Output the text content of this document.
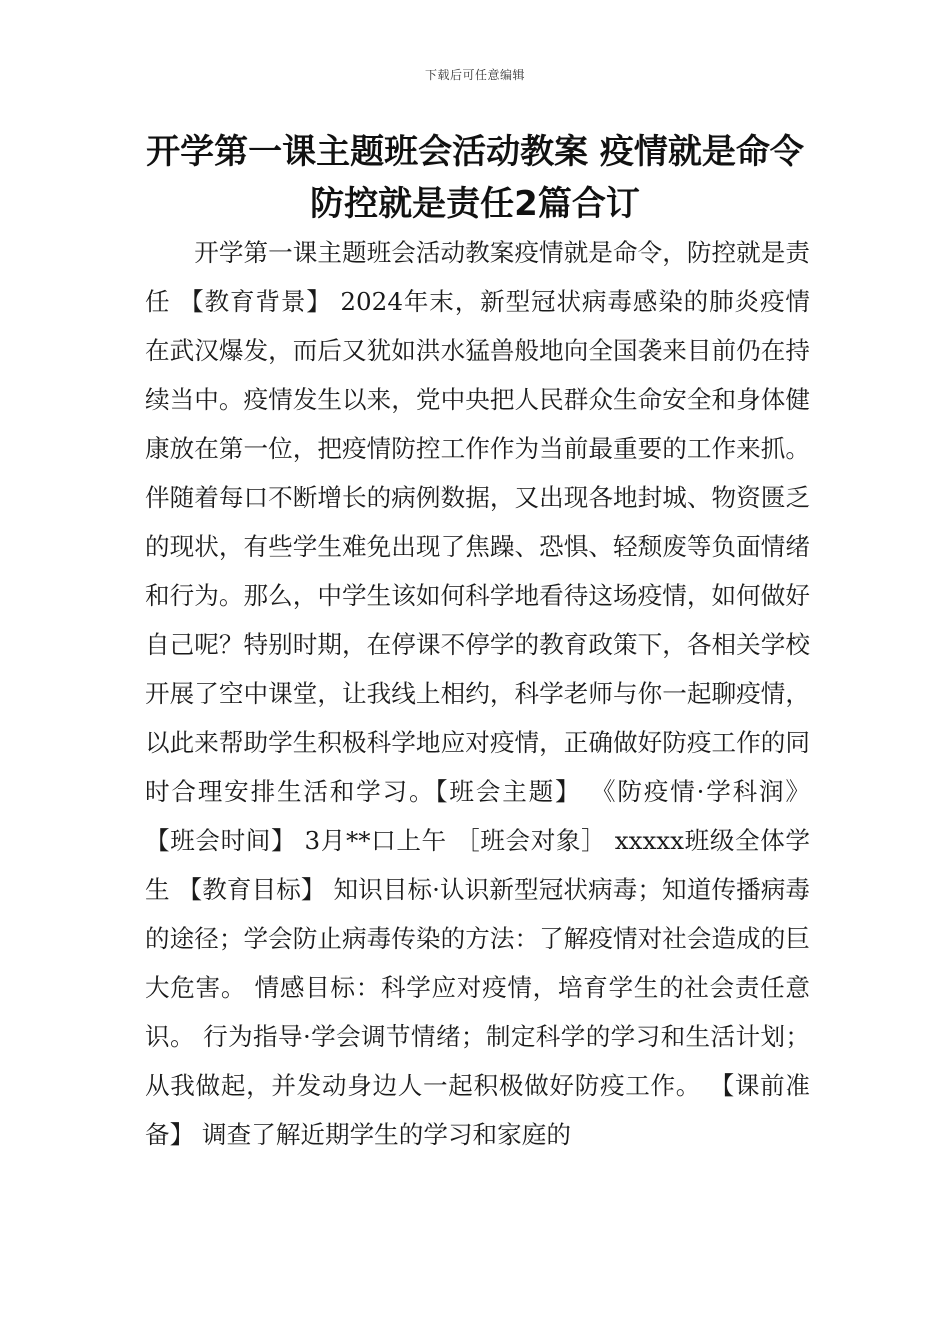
下载后可任意编辑
开学第一课主题班会活动教案 疫情就是命令 防控就是责任2篇合订

开学第一课主题班会活动教案疫情就是命令，防控就是责任 【教育背景】 2024年末，新型冠状病毒感染的肺炎疫情在武汉爆发，而后又犹如洪水猛兽般地向全国袭来目前仍在持续当中。疫情发生以来，党中央把人民群众生命安全和身体健康放在第一位，把疫情防控工作作为当前最重要的工作来抓。伴随着每口不断增长的病例数据，又出现各地封城、物资匮乏的现状，有些学生难免出现了焦躁、恐惧、轻颓废等负面情绪和行为。那么，中学生该如何科学地看待这场疫情，如何做好自己呢？特别时期，在停课不停学的教育政策下，各相关学校开展了空中课堂，让我线上相约，科学老师与你一起聊疫情，以此来帮助学生积极科学地应对疫情，正确做好防疫工作的同时合理安排生活和学习。【班会主题】 《防疫情·学科润》 【班会时间】 3月**口上午 ［班会对象］ xxxxx班级全体学生 【教育目标】 知识目标·认识新型冠状病毒；知道传播病毒的途径；学会防止病毒传染的方法：了解疫情对社会造成的巨大危害。 情感目标：科学应对疫情，培育学生的社会责任意识。 行为指导·学会调节情绪；制定科学的学习和生活计划；从我做起，并发动身边人一起积极做好防疫工作。 【课前准备】 调查了解近期学生的学习和家庭的
